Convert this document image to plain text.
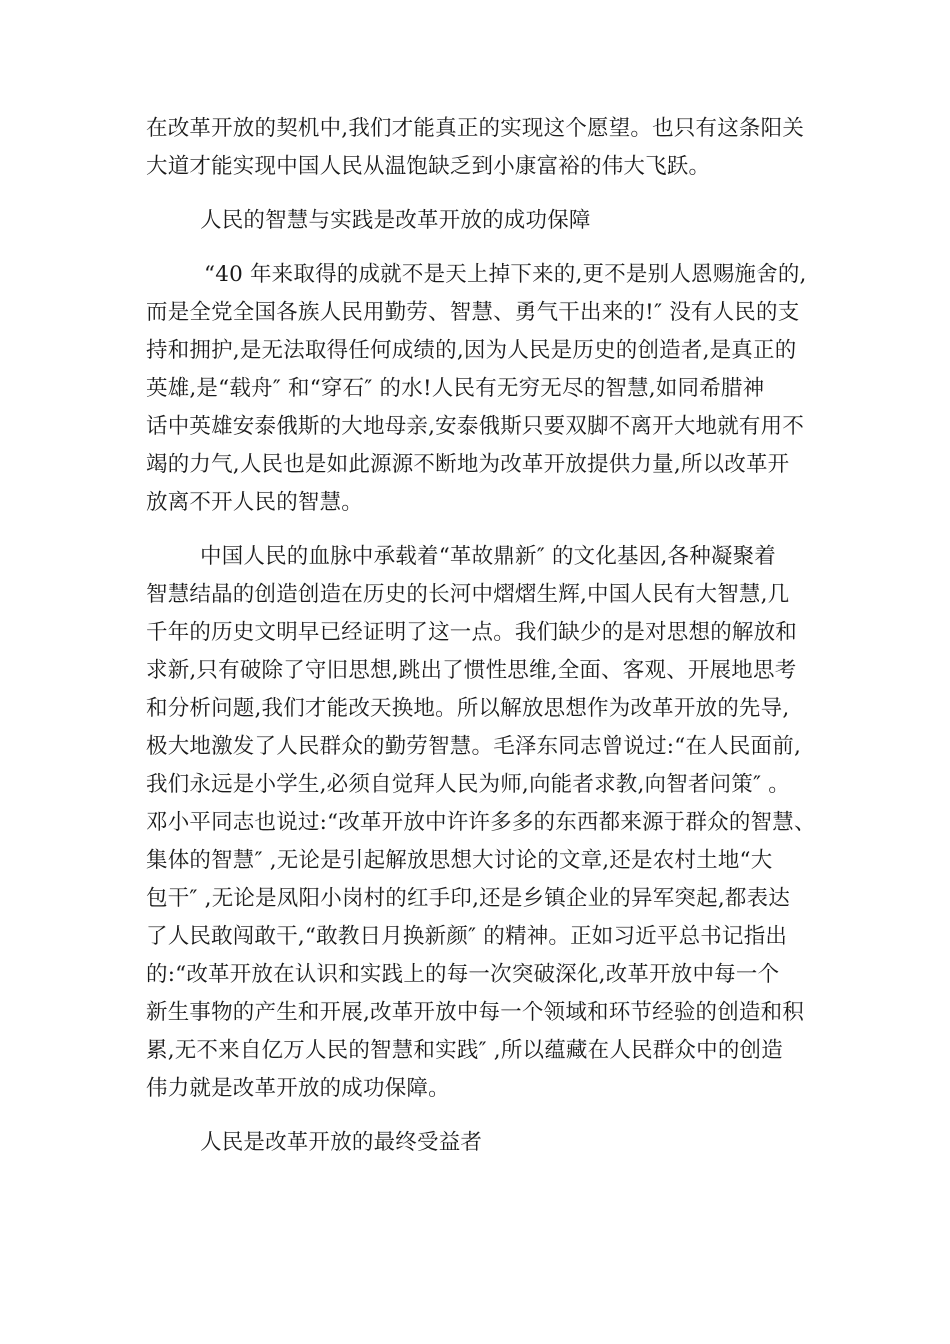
在改革开放的契机中,我们才能真正的实现这个愿望。也只有这条阳关
大道才能实现中国人民从温饱缺乏到小康富裕的伟大飞跃。
人民的智慧与实践是改革开放的成功保障
“40 年来取得的成就不是天上掉下来的,更不是别人恩赐施舍的,
而是全党全国各族人民用勤劳、智慧、勇气干出来的!″ 没有人民的支
持和拥护,是无法取得任何成绩的,因为人民是历史的创造者,是真正的
英雄,是“载舟″ 和“穿石″ 的水!人民有无穷无尽的智慧,如同希腊神
话中英雄安泰俄斯的大地母亲,安泰俄斯只要双脚不离开大地就有用不
竭的力气,人民也是如此源源不断地为改革开放提供力量,所以改革开
放离不开人民的智慧。
中国人民的血脉中承载着“革故鼎新″ 的文化基因,各种凝聚着
智慧结晶的创造创造在历史的长河中熠熠生辉,中国人民有大智慧,几
千年的历史文明早已经证明了这一点。我们缺少的是对思想的解放和
求新,只有破除了守旧思想,跳出了惯性思维,全面、客观、开展地思考
和分析问题,我们才能改天换地。所以解放思想作为改革开放的先导,
极大地激发了人民群众的勤劳智慧。毛泽东同志曾说过:“在人民面前,
我们永远是小学生,必须自觉拜人民为师,向能者求教,向智者问策″ 。
邓小平同志也说过:“改革开放中许许多多的东西都来源于群众的智慧、
集体的智慧″ ,无论是引起解放思想大讨论的文章,还是农村土地“大
包干″ ,无论是凤阳小岗村的红手印,还是乡镇企业的异军突起,都表达
了人民敢闯敢干,“敢教日月换新颜″ 的精神。正如习近平总书记指出
的:“改革开放在认识和实践上的每一次突破深化,改革开放中每一个
新生事物的产生和开展,改革开放中每一个领域和环节经验的创造和积
累,无不来自亿万人民的智慧和实践″ ,所以蕴藏在人民群众中的创造
伟力就是改革开放的成功保障。
人民是改革开放的最终受益者
